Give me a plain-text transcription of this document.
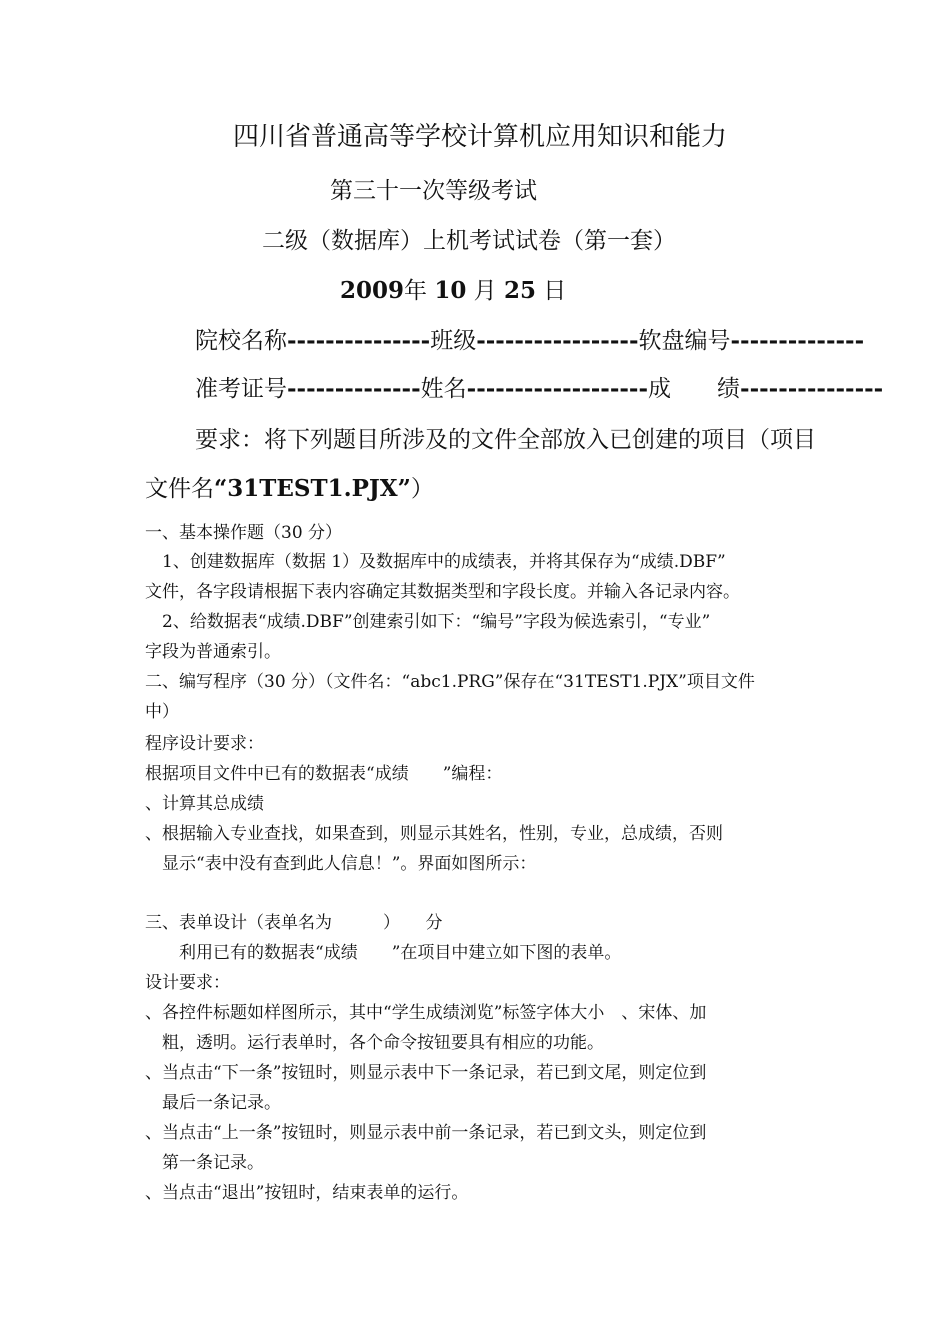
四川省普通高等学校计算机应用知识和能力
第三十一次等级考试
二级（数据库）上机考试试卷（第一套）
2009年 10 月 25 日
院校名称---------------班级-----------------软盘编号--------------
准考证号--------------姓名-------------------成　　绩---------------
要求：将下列题目所涉及的文件全部放入已创建的项目（项目
文件名“31TEST1.PJX”）
一、基本操作题（30 分）
　1、创建数据库（数据 1）及数据库中的成绩表，并将其保存为“成绩.DBF”
文件，各字段请根据下表内容确定其数据类型和字段长度。并输入各记录内容。
　2、给数据表“成绩.DBF”创建索引如下：“编号”字段为候选索引，“专业”
字段为普通索引。
二、编写程序（30 分）（文件名：“abc1.PRG”保存在“31TEST1.PJX”项目文件
中）
程序设计要求：
根据项目文件中已有的数据表“成绩　　”编程：
、计算其总成绩
、根据输入专业查找，如果查到，则显示其姓名，性别，专业，总成绩，否则
　显示“表中没有查到此人信息！”。界面如图所示：
三、表单设计（表单名为　　　）　　分
　　利用已有的数据表“成绩　　”在项目中建立如下图的表单。
设计要求：
、各控件标题如样图所示，其中“学生成绩浏览”标签字体大小　、宋体、加
　粗，透明。运行表单时，各个命令按钮要具有相应的功能。
、当点击“下一条”按钮时，则显示表中下一条记录，若已到文尾，则定位到
　最后一条记录。
、当点击“上一条”按钮时，则显示表中前一条记录，若已到文头，则定位到
　第一条记录。
、当点击“退出”按钮时，结束表单的运行。
